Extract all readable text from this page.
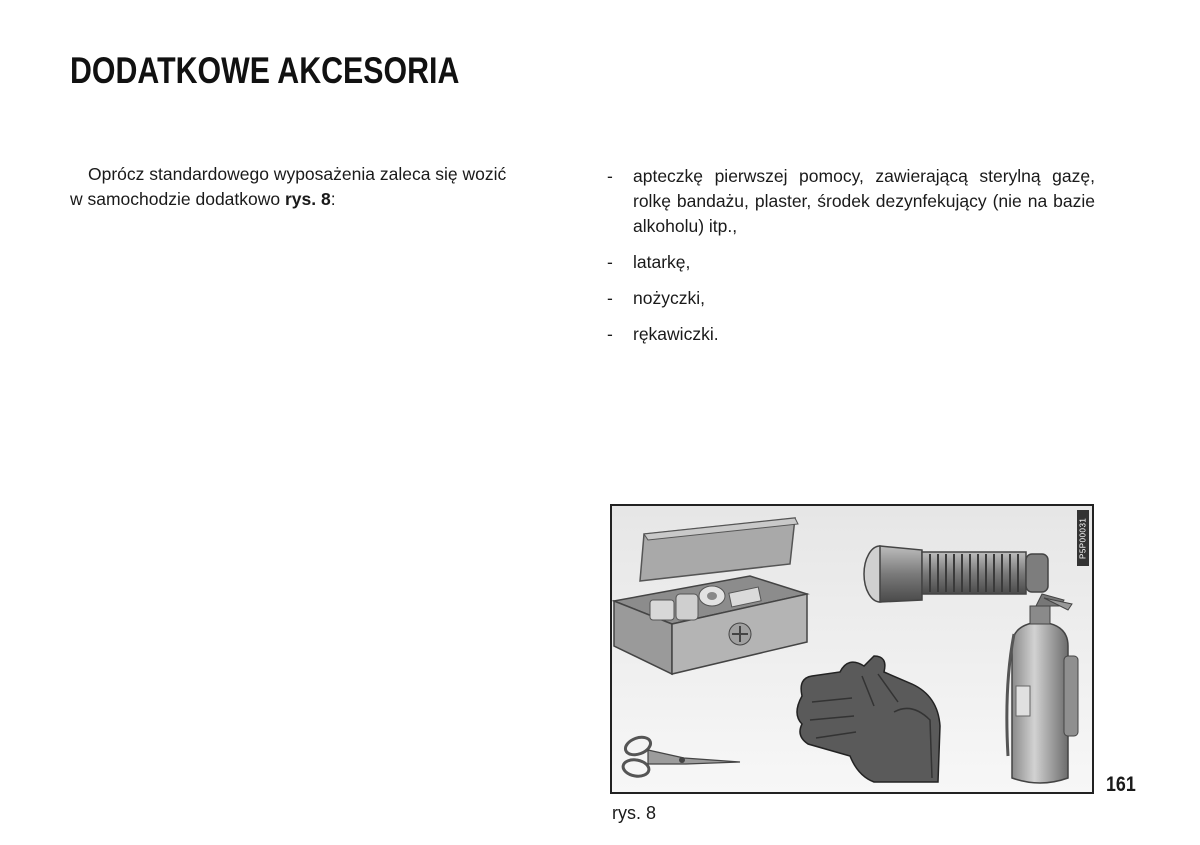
DODATKOWE AKCESORIA
Oprócz standardowego wyposażenia zaleca się wozić
w samochodzie dodatkowo rys. 8:
- apteczkę pierwszej pomocy, zawierającą sterylną gazę, rolkę bandażu, plaster, środek dezynfekujący (nie na bazie alkoholu) itp.,
- latarkę,
- nożyczki,
- rękawiczki.
P5P00031
rys. 8
161
